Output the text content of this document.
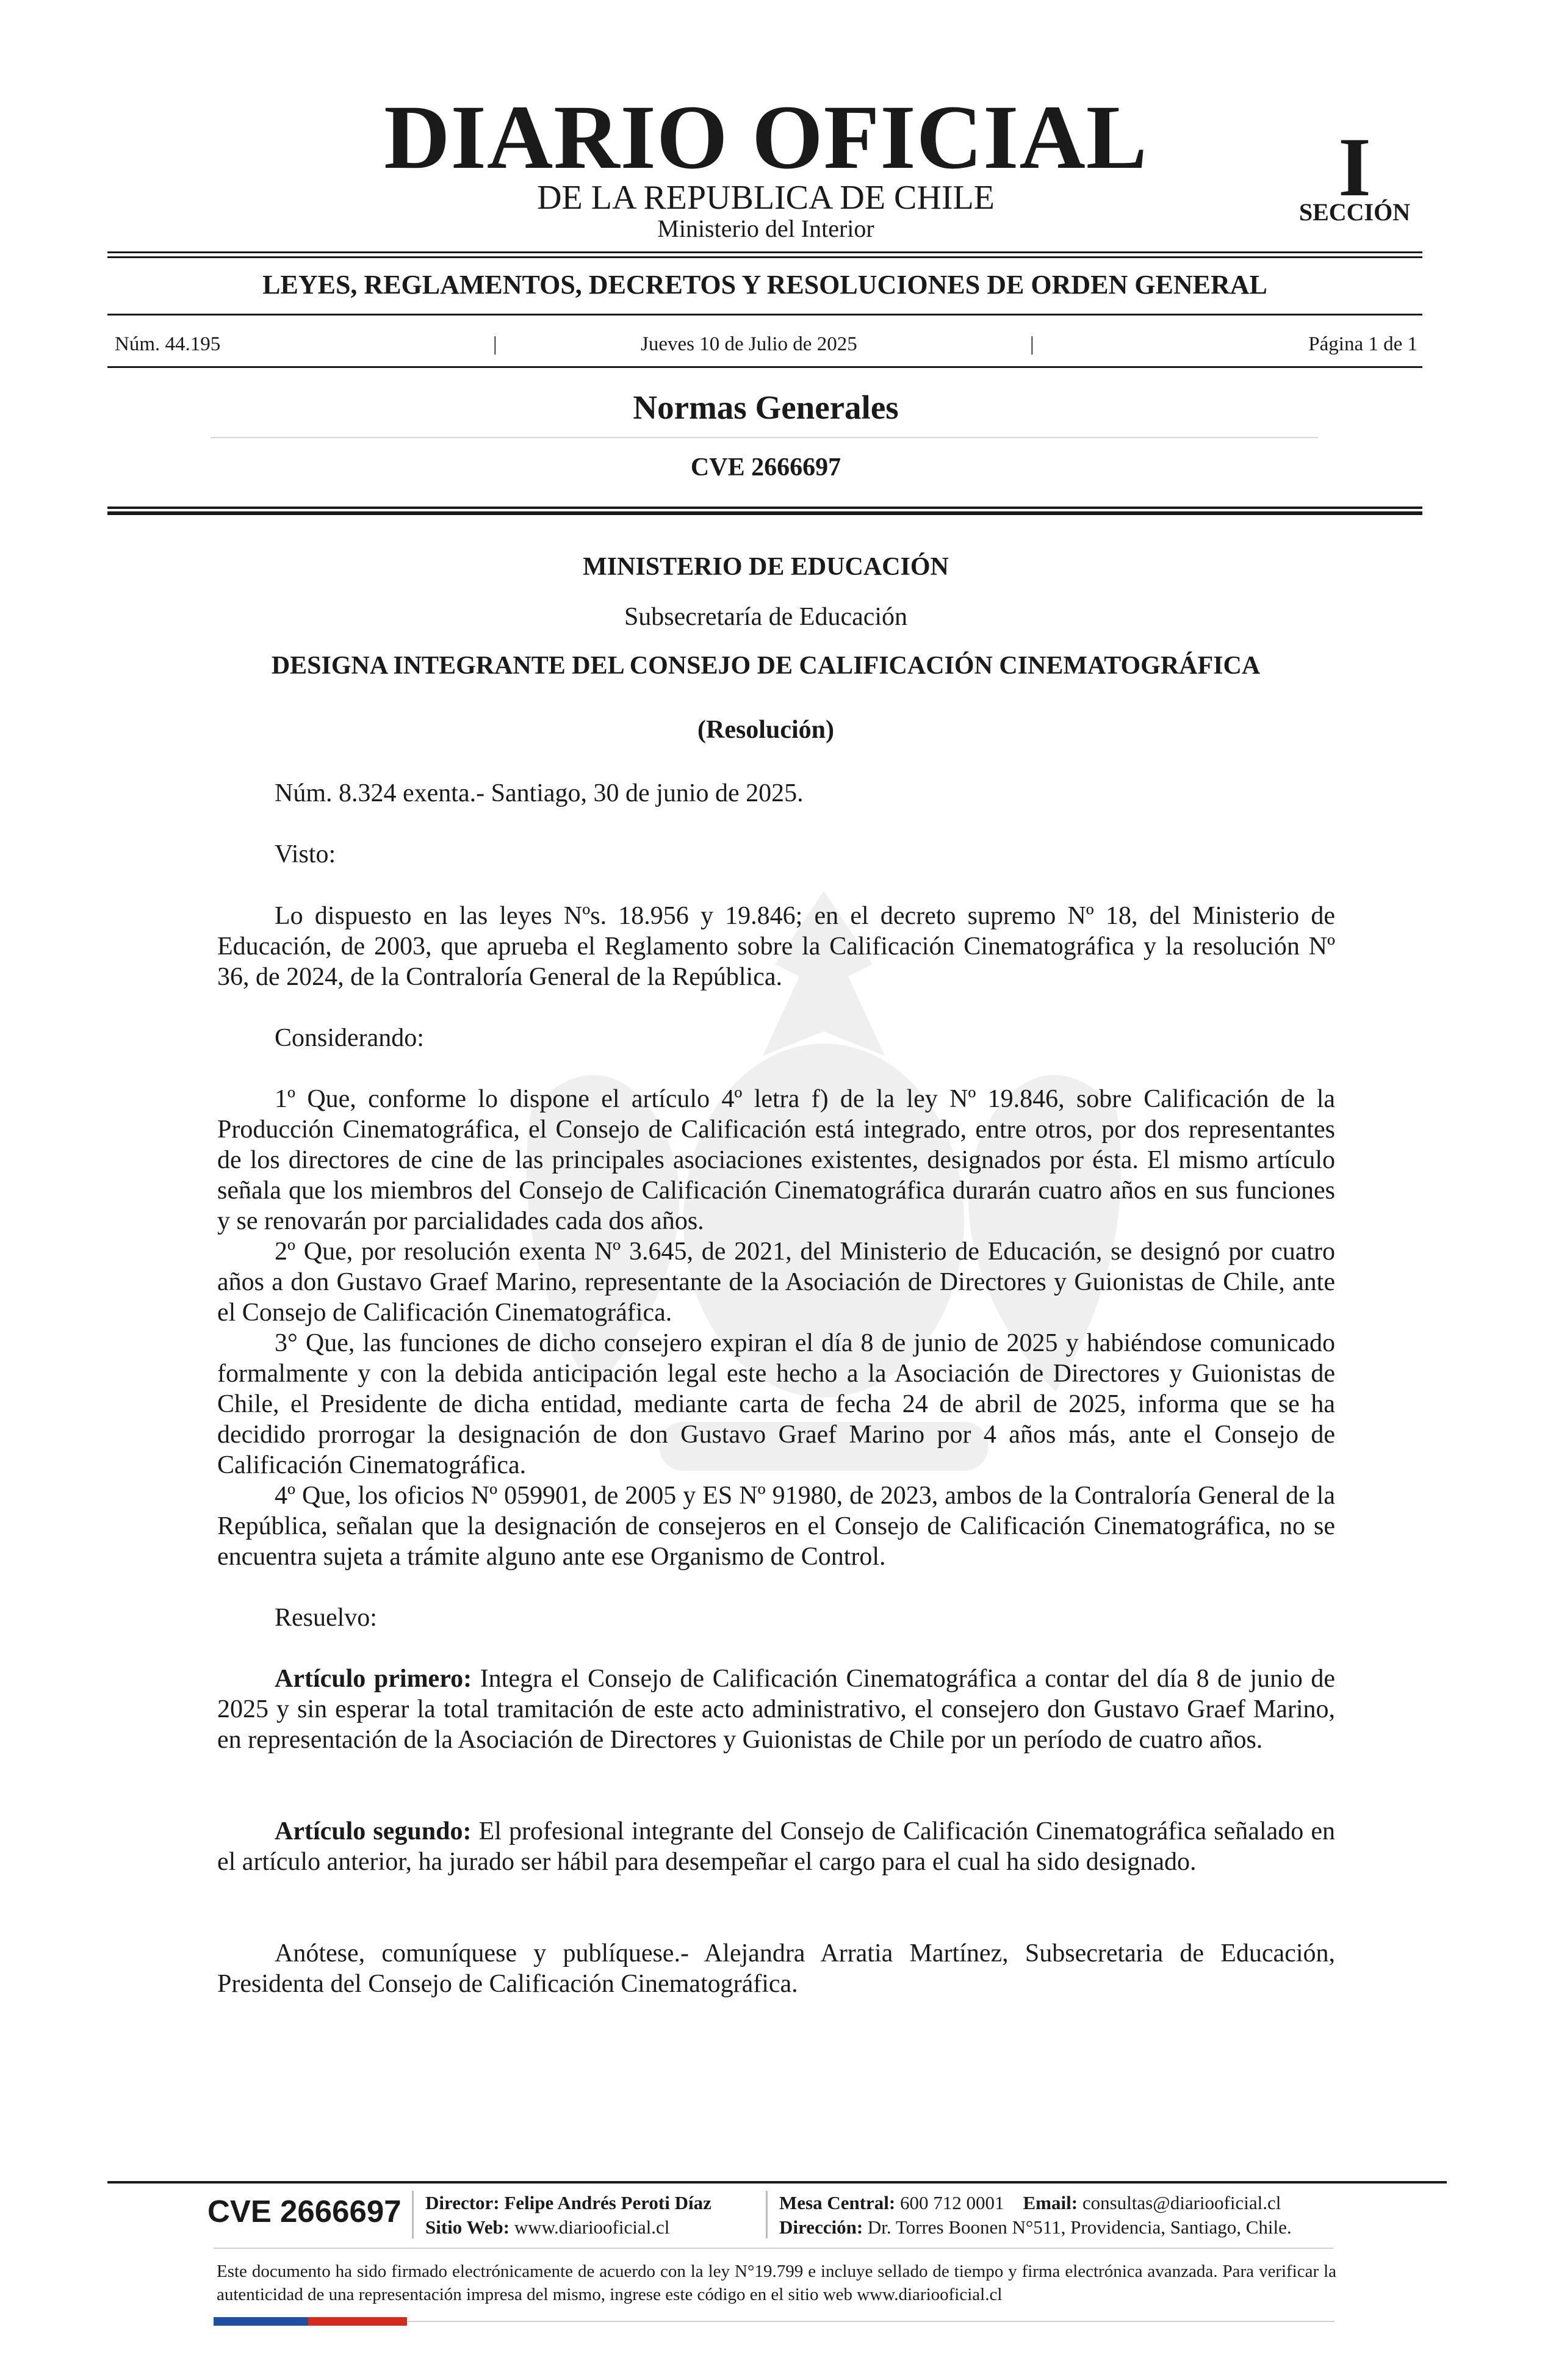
DIARIO OFICIAL
DE LA REPUBLICA DE CHILE
Ministerio del Interior
I
SECCIÓN
LEYES, REGLAMENTOS, DECRETOS Y RESOLUCIONES DE ORDEN GENERAL
Núm. 44.195	|	Jueves 10 de Julio de 2025	|	Página 1 de 1
Normas Generales
CVE 2666697
MINISTERIO DE EDUCACIÓN
Subsecretaría de Educación
DESIGNA INTEGRANTE DEL CONSEJO DE CALIFICACIÓN CINEMATOGRÁFICA
(Resolución)
Núm. 8.324 exenta.- Santiago, 30 de junio de 2025.
Visto:
Lo dispuesto en las leyes Nºs. 18.956 y 19.846; en el decreto supremo Nº 18, del Ministerio de Educación, de 2003, que aprueba el Reglamento sobre la Calificación Cinematográfica y la resolución Nº 36, de 2024, de la Contraloría General de la República.
Considerando:
1º Que, conforme lo dispone el artículo 4º letra f) de la ley Nº 19.846, sobre Calificación de la Producción Cinematográfica, el Consejo de Calificación está integrado, entre otros, por dos representantes de los directores de cine de las principales asociaciones existentes, designados por ésta. El mismo artículo señala que los miembros del Consejo de Calificación Cinematográfica durarán cuatro años en sus funciones y se renovarán por parcialidades cada dos años.
2º Que, por resolución exenta Nº 3.645, de 2021, del Ministerio de Educación, se designó por cuatro años a don Gustavo Graef Marino, representante de la Asociación de Directores y Guionistas de Chile, ante el Consejo de Calificación Cinematográfica.
3° Que, las funciones de dicho consejero expiran el día 8 de junio de 2025 y habiéndose comunicado formalmente y con la debida anticipación legal este hecho a la Asociación de Directores y Guionistas de Chile, el Presidente de dicha entidad, mediante carta de fecha 24 de abril de 2025, informa que se ha decidido prorrogar la designación de don Gustavo Graef Marino por 4 años más, ante el Consejo de Calificación Cinematográfica.
4º Que, los oficios Nº 059901, de 2005 y ES Nº 91980, de 2023, ambos de la Contraloría General de la República, señalan que la designación de consejeros en el Consejo de Calificación Cinematográfica, no se encuentra sujeta a trámite alguno ante ese Organismo de Control.
Resuelvo:
Artículo primero: Integra el Consejo de Calificación Cinematográfica a contar del día 8 de junio de 2025 y sin esperar la total tramitación de este acto administrativo, el consejero don Gustavo Graef Marino, en representación de la Asociación de Directores y Guionistas de Chile por un período de cuatro años.
Artículo segundo: El profesional integrante del Consejo de Calificación Cinematográfica señalado en el artículo anterior, ha jurado ser hábil para desempeñar el cargo para el cual ha sido designado.
Anótese, comuníquese y publíquese.- Alejandra Arratia Martínez, Subsecretaria de Educación, Presidenta del Consejo de Calificación Cinematográfica.
CVE 2666697 Director: Felipe Andrés Peroti Díaz
Sitio Web: www.diariooficial.cl
Mesa Central: 600 712 0001 Email: consultas@diariooficial.cl
Dirección: Dr. Torres Boonen N°511, Providencia, Santiago, Chile.
Este documento ha sido firmado electrónicamente de acuerdo con la ley N°19.799 e incluye sellado de tiempo y firma electrónica avanzada. Para verificar la autenticidad de una representación impresa del mismo, ingrese este código en el sitio web www.diariooficial.cl
